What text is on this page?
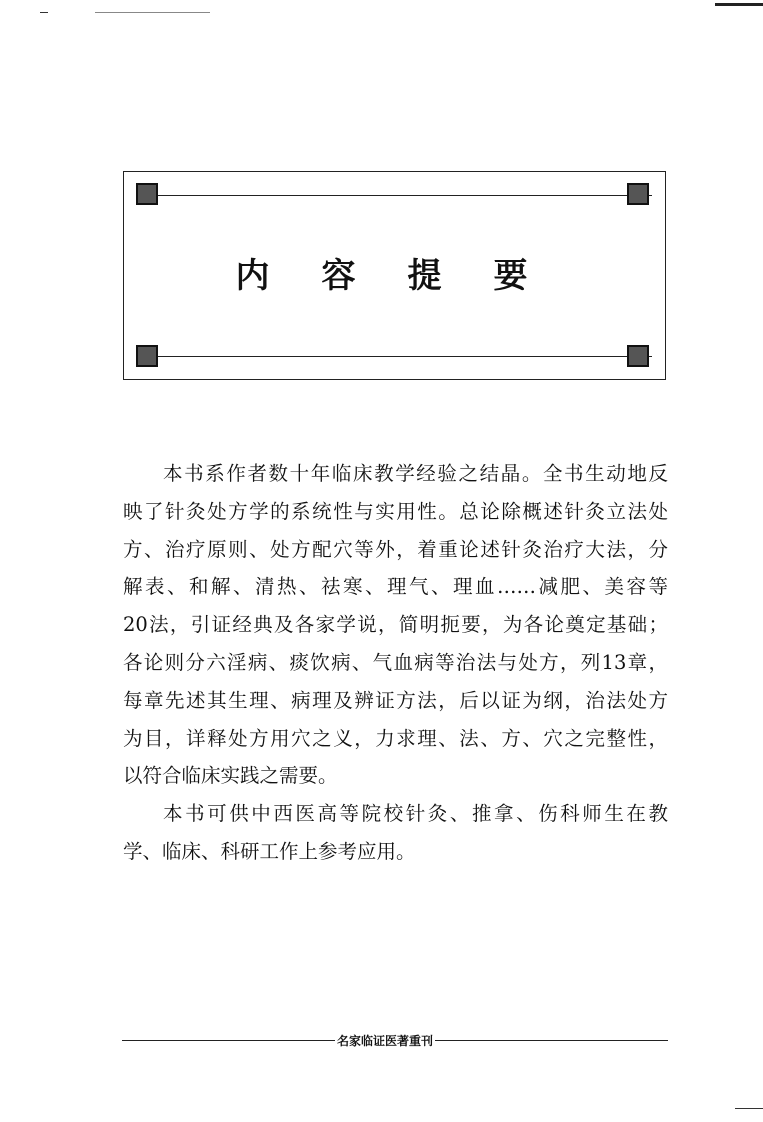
内容提要
本书系作者数十年临床教学经验之结晶。全书生动地反
映了针灸处方学的系统性与实用性。总论除概述针灸立法处
方、治疗原则、处方配穴等外，着重论述针灸治疗大法，分
解表、和解、清热、祛寒、理气、理血……减肥、美容等
20法，引证经典及各家学说，简明扼要，为各论奠定基础；
各论则分六淫病、痰饮病、气血病等治法与处方，列13章，
每章先述其生理、病理及辨证方法，后以证为纲，治法处方
为目，详释处方用穴之义，力求理、法、方、穴之完整性，
以符合临床实践之需要。
本书可供中西医高等院校针灸、推拿、伤科师生在教
学、临床、科研工作上参考应用。
名家临证医著重刊
